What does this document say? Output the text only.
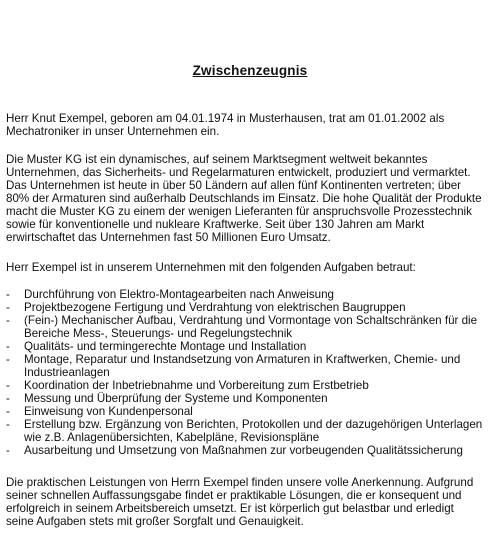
Zwischenzeugnis
Herr Knut Exempel, geboren am 04.01.1974 in Musterhausen, trat am 01.01.2002 als
Mechatroniker in unser Unternehmen ein.
Die Muster KG ist ein dynamisches, auf seinem Marktsegment weltweit bekanntes
Unternehmen, das Sicherheits- und Regelarmaturen entwickelt, produziert und vermarktet.
Das Unternehmen ist heute in über 50 Ländern auf allen fünf Kontinenten vertreten; über
80% der Armaturen sind außerhalb Deutschlands im Einsatz. Die hohe Qualität der Produkte
macht die Muster KG zu einem der wenigen Lieferanten für anspruchsvolle Prozesstechnik
sowie für konventionelle und nukleare Kraftwerke. Seit über 130 Jahren am Markt
erwirtschaftet das Unternehmen fast 50 Millionen Euro Umsatz.
Herr Exempel ist in unserem Unternehmen mit den folgenden Aufgaben betraut:
- Durchführung von Elektro-Montagearbeiten nach Anweisung
- Projektbezogene Fertigung und Verdrahtung von elektrischen Baugruppen
- (Fein-) Mechanischer Aufbau, Verdrahtung und Vormontage von Schaltschränken für die
Bereiche Mess-, Steuerungs- und Regelungstechnik
- Qualitäts- und termingerechte Montage und Installation
- Montage, Reparatur und Instandsetzung von Armaturen in Kraftwerken, Chemie- und
Industrieanlagen
- Koordination der Inbetriebnahme und Vorbereitung zum Erstbetrieb
- Messung und Überprüfung der Systeme und Komponenten
- Einweisung von Kundenpersonal
- Erstellung bzw. Ergänzung von Berichten, Protokollen und der dazugehörigen Unterlagen
wie z.B. Anlagenübersichten, Kabelpläne, Revisionspläne
- Ausarbeitung und Umsetzung von Maßnahmen zur vorbeugenden Qualitätssicherung
Die praktischen Leistungen von Herrn Exempel finden unsere volle Anerkennung. Aufgrund
seiner schnellen Auffassungsgabe findet er praktikable Lösungen, die er konsequent und
erfolgreich in seinem Arbeitsbereich umsetzt. Er ist körperlich gut belastbar und erledigt
seine Aufgaben stets mit großer Sorgfalt und Genauigkeit.
